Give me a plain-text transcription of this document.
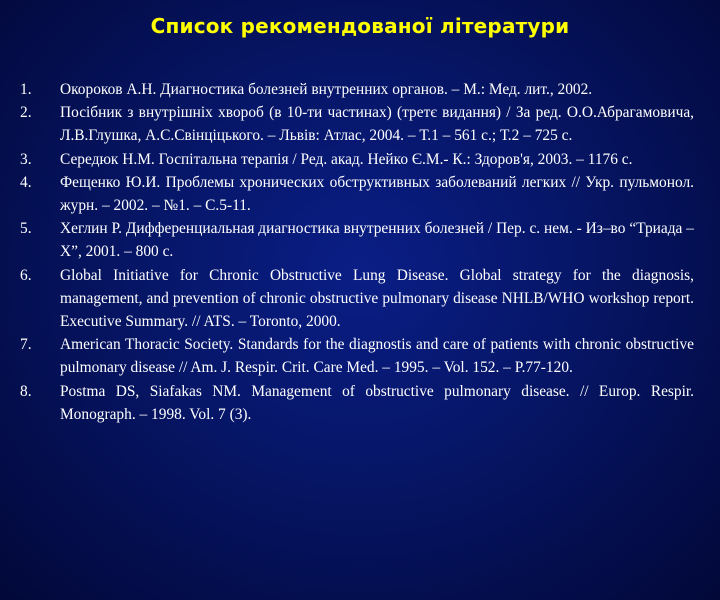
Список рекомендованої літератури
1.	Окороков А.Н. Диагностика болезней внутренних органов. – М.: Мед. лит., 2002.
2.	Посібник з внутрішніх хвороб (в 10-ти частинах) (третє видання) / За ред. О.О.Абрагамовича, Л.В.Глушка, А.С.Свінціцького. – Львів: Атлас, 2004. – Т.1 – 561 с.; Т.2 – 725 с.
3.	Середюк Н.М. Госпітальна терапія / Ред. акад. Нейко Є.М.- К.: Здоров'я, 2003. – 1176 с.
4.	Фещенко Ю.И. Проблемы хронических обструктивных заболеваний легких // Укр. пульмонол. журн. – 2002. – №1. – С.5-11.
5.	Хеглин Р. Дифференциальная диагностика внутренних болезней / Пер. с. нем. - Из–во “Триада – Х”, 2001. – 800 с.
6.	Global Initiative for Chronic Obstructive Lung Disease. Global strategy for the diagnosis, management, and prevention of chronic obstructive pulmonary disease NHLB/WHO workshop report. Executive Summary. // ATS. – Toronto, 2000.
7.	American Thoracic Society. Standards for the diagnostis and care of patients with chronic obstructive pulmonary disease // Am. J. Respir. Crit. Care Med. – 1995. – Vol. 152. – P.77-120.
8.	Postma DS, Siafakas NM. Management of obstructive pulmonary disease. // Europ. Respir. Monograph. – 1998. Vol. 7 (3).
